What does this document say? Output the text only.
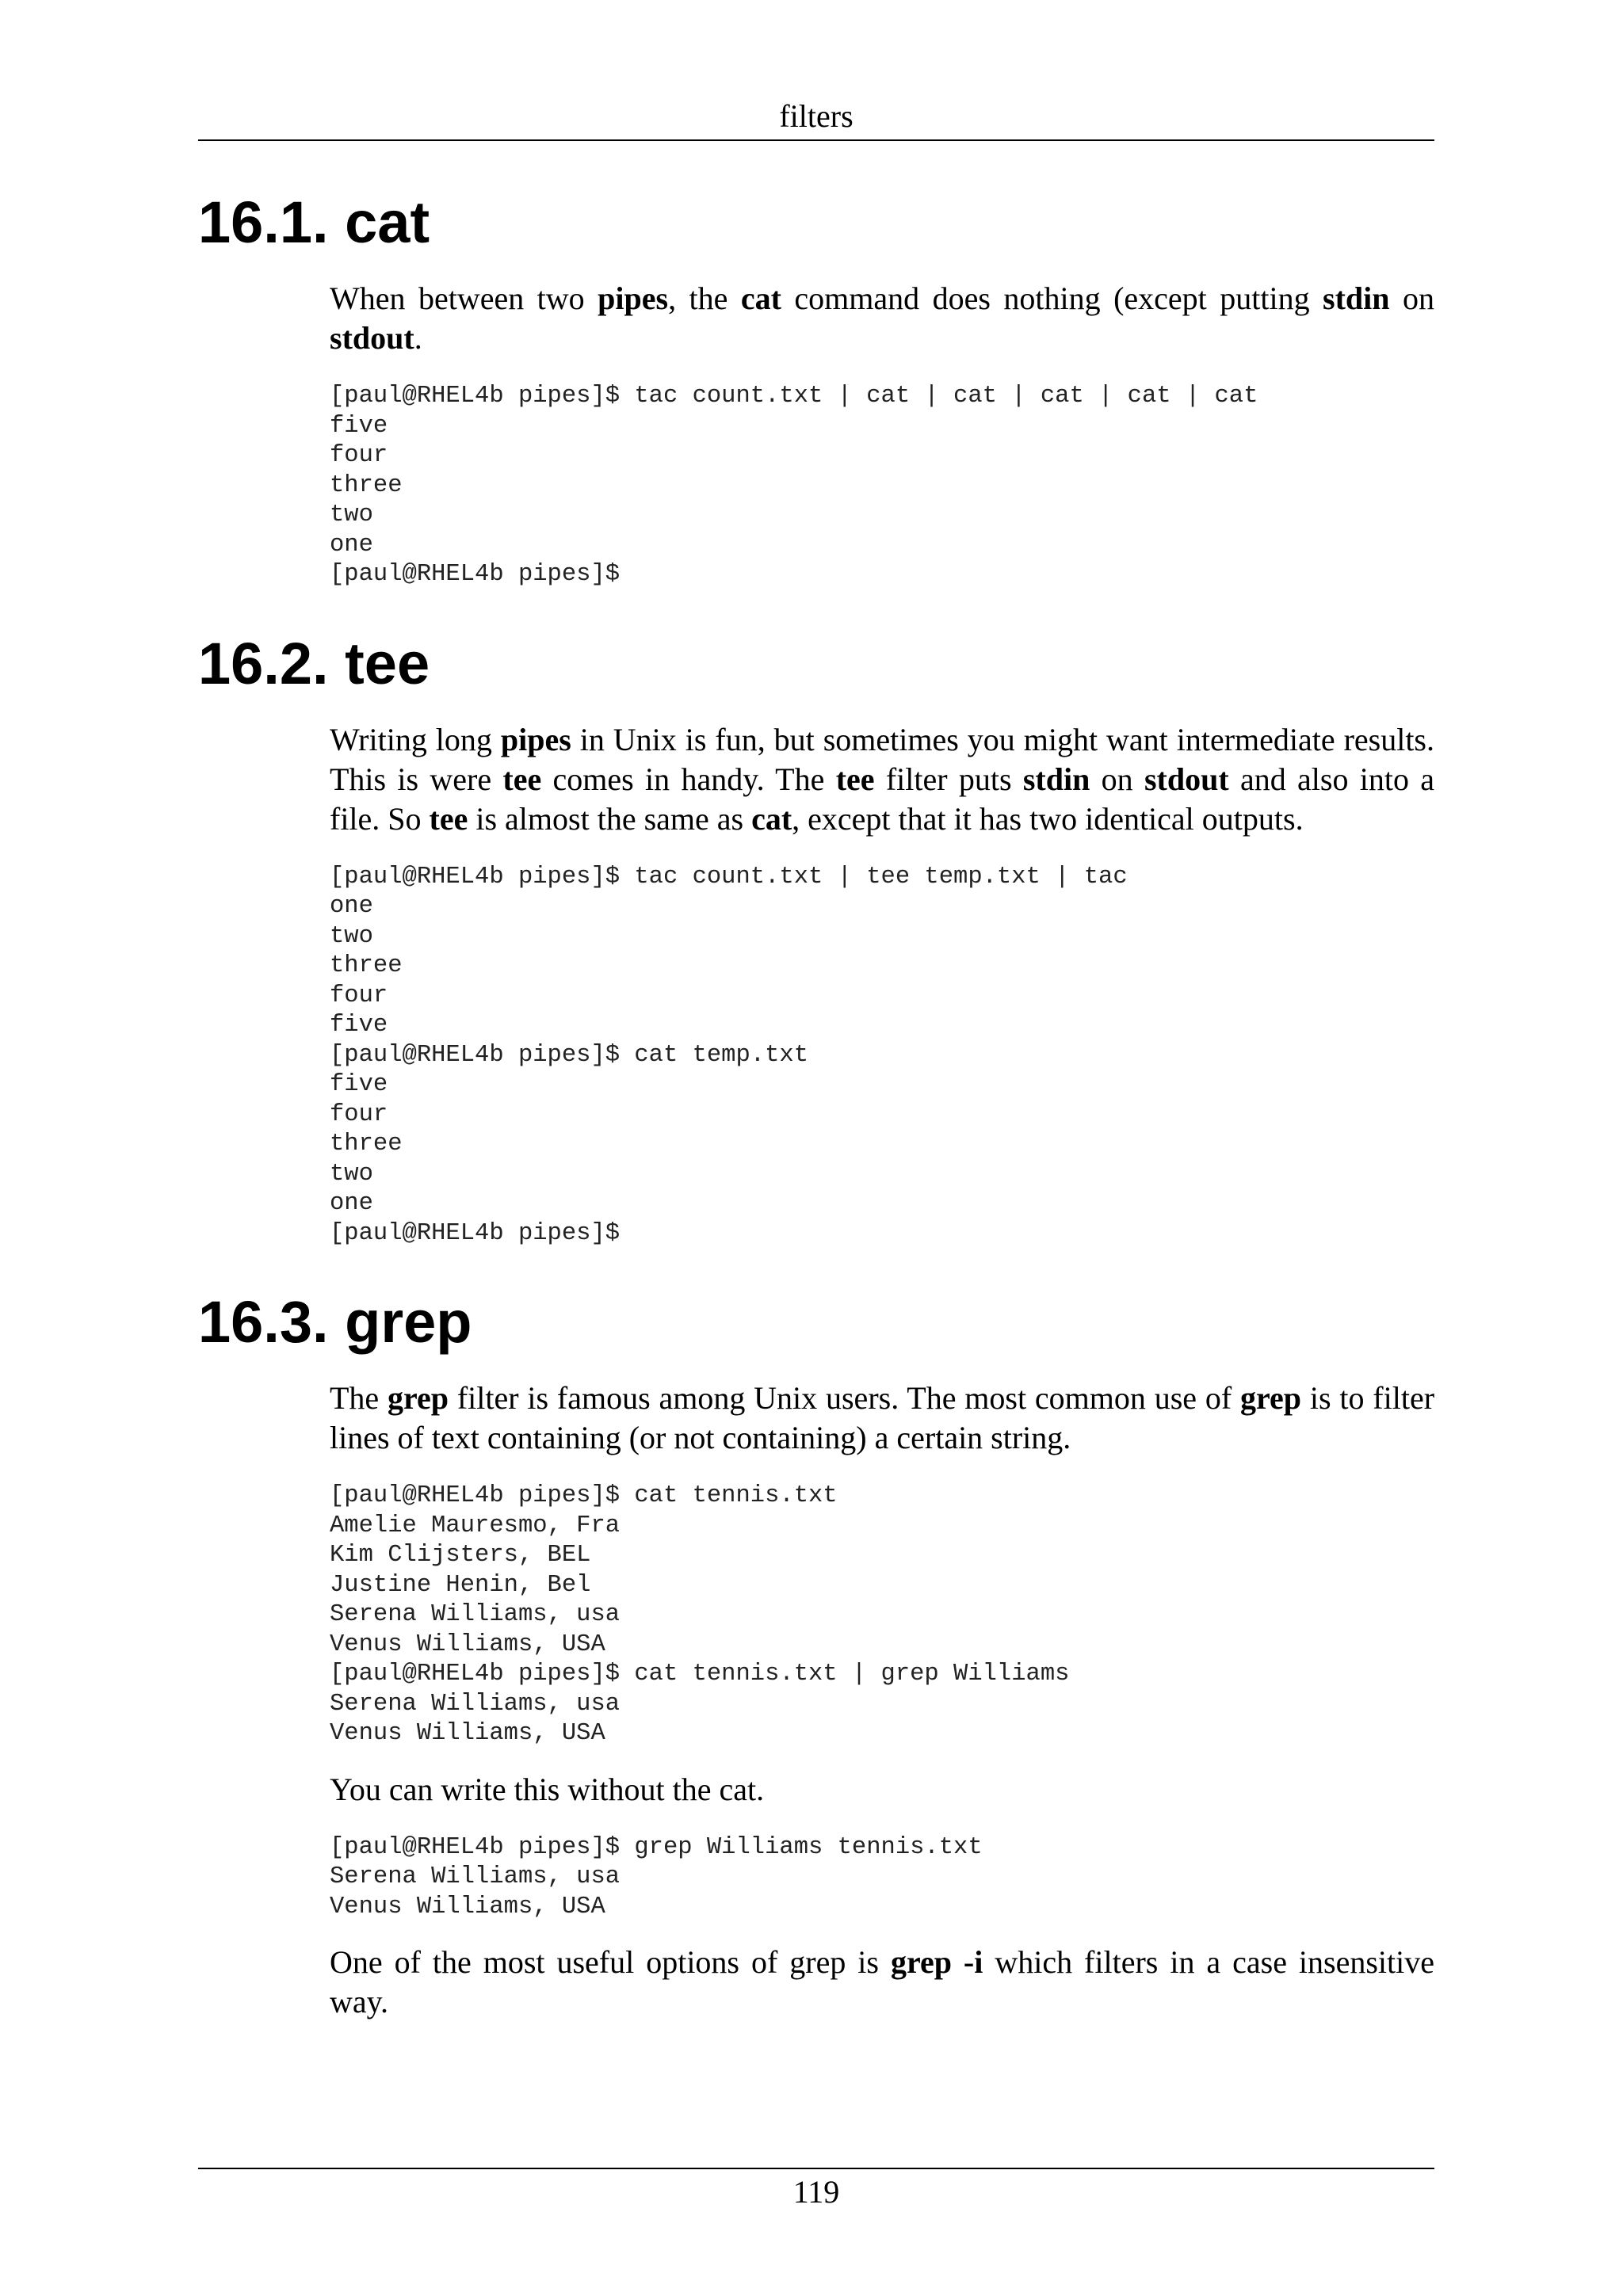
filters
16.1. cat

When between two pipes, the cat command does nothing (except putting stdin on stdout.

[paul@RHEL4b pipes]$ tac count.txt | cat | cat | cat | cat | cat
five
four
three
two
one
[paul@RHEL4b pipes]$
16.2. tee

Writing long pipes in Unix is fun, but sometimes you might want intermediate results. This is were tee comes in handy. The tee filter puts stdin on stdout and also into a file. So tee is almost the same as cat, except that it has two identical outputs.

[paul@RHEL4b pipes]$ tac count.txt | tee temp.txt | tac
one
two
three
four
five
[paul@RHEL4b pipes]$ cat temp.txt
five
four
three
two
one
[paul@RHEL4b pipes]$
16.3. grep

The grep filter is famous among Unix users. The most common use of grep is to filter lines of text containing (or not containing) a certain string.

[paul@RHEL4b pipes]$ cat tennis.txt
Amelie Mauresmo, Fra
Kim Clijsters, BEL
Justine Henin, Bel
Serena Williams, usa
Venus Williams, USA
[paul@RHEL4b pipes]$ cat tennis.txt | grep Williams
Serena Williams, usa
Venus Williams, USA

You can write this without the cat.

[paul@RHEL4b pipes]$ grep Williams tennis.txt
Serena Williams, usa
Venus Williams, USA

One of the most useful options of grep is grep -i which filters in a case insensitive way.

119
